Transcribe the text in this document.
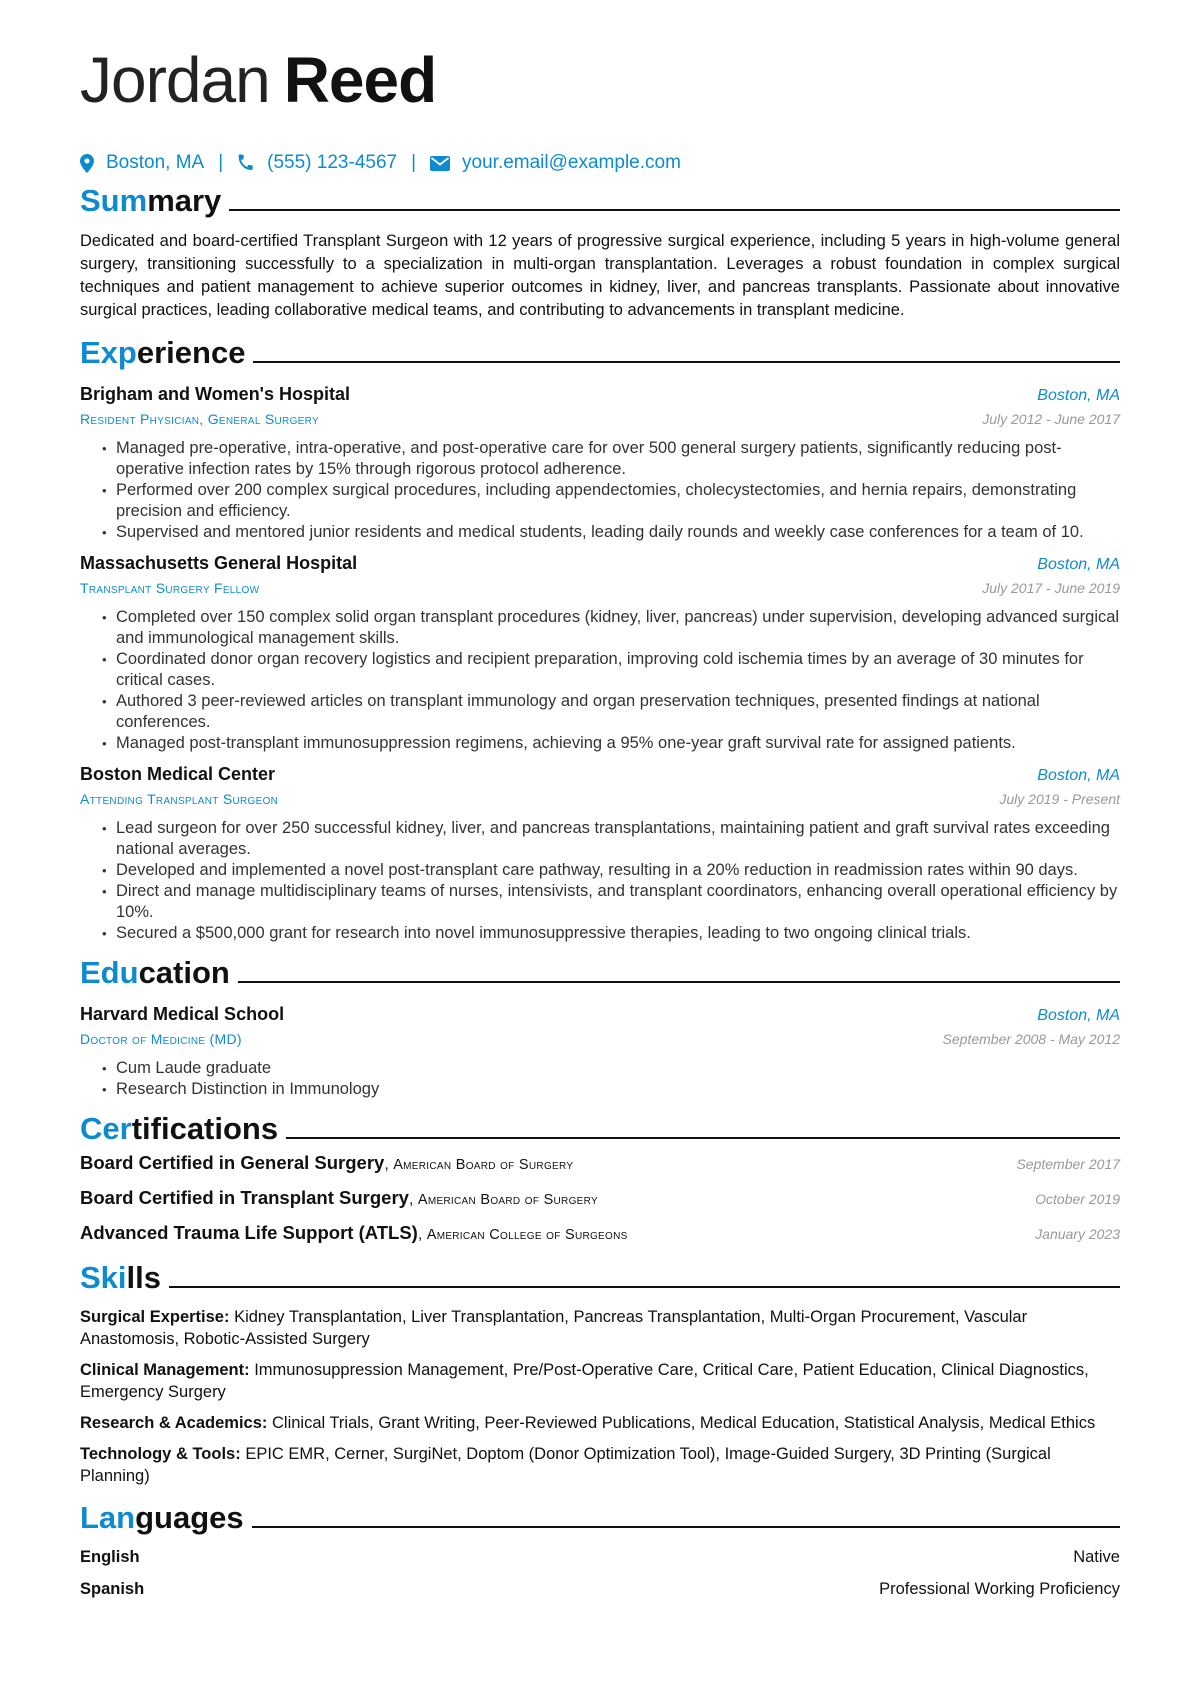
Jordan Reed
Boston, MA | (555) 123-4567 | your.email@example.com
Summary
Dedicated and board-certified Transplant Surgeon with 12 years of progressive surgical experience, including 5 years in high-volume general surgery, transitioning successfully to a specialization in multi-organ transplantation. Leverages a robust foundation in complex surgical techniques and patient management to achieve superior outcomes in kidney, liver, and pancreas transplants. Passionate about innovative surgical practices, leading collaborative medical teams, and contributing to advancements in transplant medicine.
Experience
Brigham and Women's Hospital	Boston, MA
Resident Physician, General Surgery	July 2012 - June 2017
• Managed pre-operative, intra-operative, and post-operative care for over 500 general surgery patients, significantly reducing post-operative infection rates by 15% through rigorous protocol adherence.
• Performed over 200 complex surgical procedures, including appendectomies, cholecystectomies, and hernia repairs, demonstrating precision and efficiency.
• Supervised and mentored junior residents and medical students, leading daily rounds and weekly case conferences for a team of 10.
Massachusetts General Hospital	Boston, MA
Transplant Surgery Fellow	July 2017 - June 2019
• Completed over 150 complex solid organ transplant procedures (kidney, liver, pancreas) under supervision, developing advanced surgical and immunological management skills.
• Coordinated donor organ recovery logistics and recipient preparation, improving cold ischemia times by an average of 30 minutes for critical cases.
• Authored 3 peer-reviewed articles on transplant immunology and organ preservation techniques, presented findings at national conferences.
• Managed post-transplant immunosuppression regimens, achieving a 95% one-year graft survival rate for assigned patients.
Boston Medical Center	Boston, MA
Attending Transplant Surgeon	July 2019 - Present
• Lead surgeon for over 250 successful kidney, liver, and pancreas transplantations, maintaining patient and graft survival rates exceeding national averages.
• Developed and implemented a novel post-transplant care pathway, resulting in a 20% reduction in readmission rates within 90 days.
• Direct and manage multidisciplinary teams of nurses, intensivists, and transplant coordinators, enhancing overall operational efficiency by 10%.
• Secured a $500,000 grant for research into novel immunosuppressive therapies, leading to two ongoing clinical trials.
Education
Harvard Medical School	Boston, MA
Doctor of Medicine (MD)	September 2008 - May 2012
• Cum Laude graduate
• Research Distinction in Immunology
Certifications
Board Certified in General Surgery, American Board of Surgery	September 2017
Board Certified in Transplant Surgery, American Board of Surgery	October 2019
Advanced Trauma Life Support (ATLS), American College of Surgeons	January 2023
Skills
Surgical Expertise: Kidney Transplantation, Liver Transplantation, Pancreas Transplantation, Multi-Organ Procurement, Vascular Anastomosis, Robotic-Assisted Surgery
Clinical Management: Immunosuppression Management, Pre/Post-Operative Care, Critical Care, Patient Education, Clinical Diagnostics, Emergency Surgery
Research & Academics: Clinical Trials, Grant Writing, Peer-Reviewed Publications, Medical Education, Statistical Analysis, Medical Ethics
Technology & Tools: EPIC EMR, Cerner, SurgiNet, Doptom (Donor Optimization Tool), Image-Guided Surgery, 3D Printing (Surgical Planning)
Languages
English	Native
Spanish	Professional Working Proficiency
